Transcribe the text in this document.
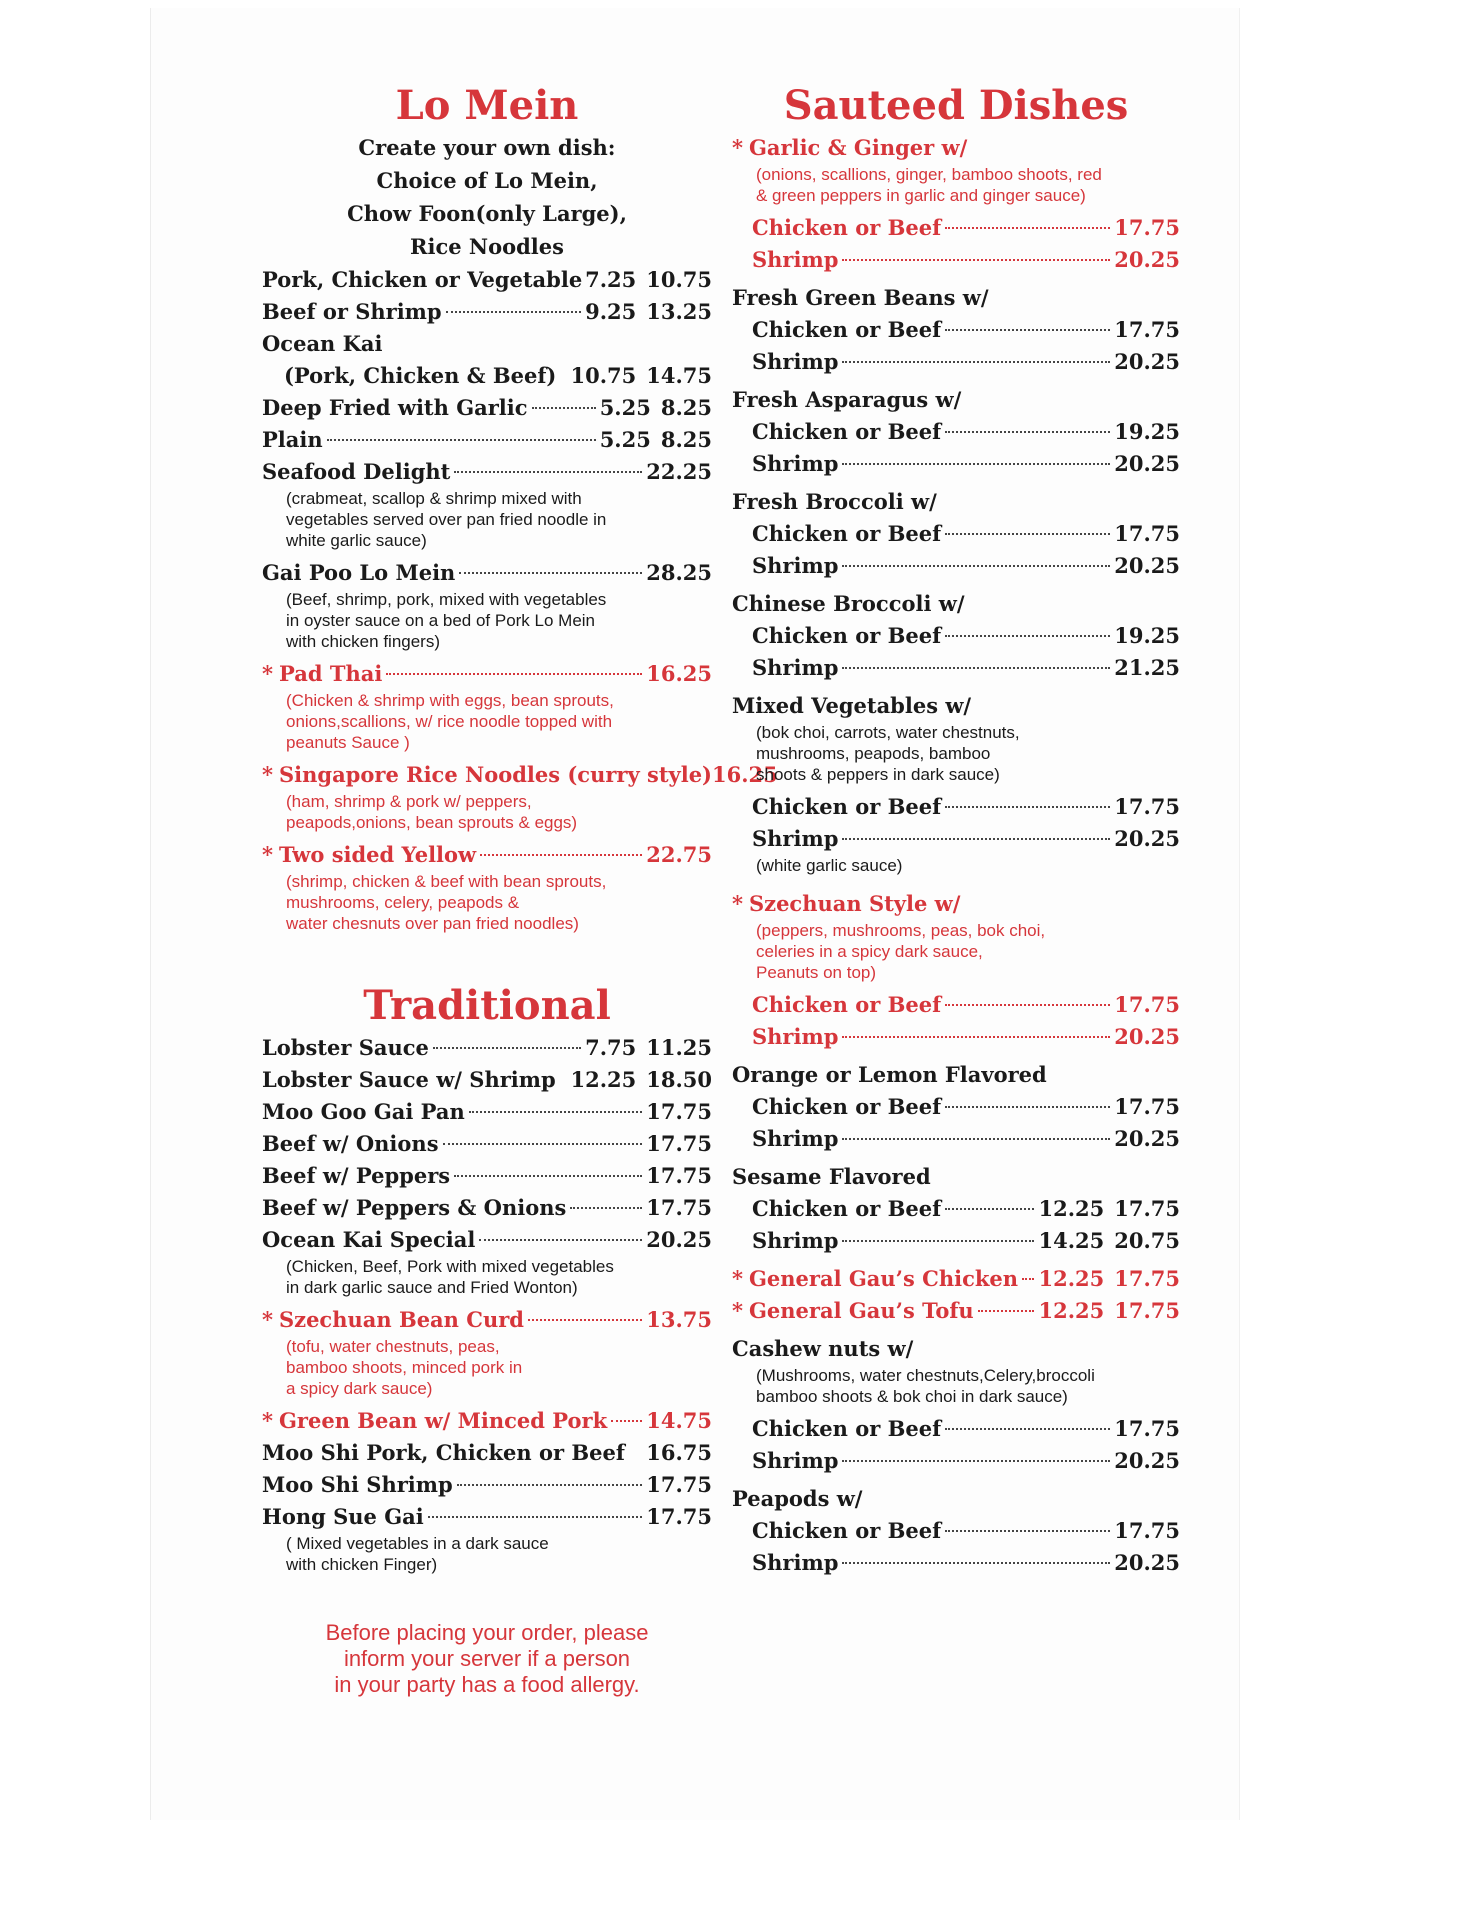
Lo Mein
Create your own dish:
Choice of Lo Mein,
Chow Foon(only Large),
Rice Noodles
Pork, Chicken or Vegetable 7.25 10.75
Beef or Shrimp	9.25 13.25
Ocean Kai
(Pork, Chicken & Beef) 10.75 14.75
Deep Fried with Garlic	5.25 8.25
Plain	5.25 8.25
Seafood Delight	22.25
(crabmeat, scallop & shrimp mixed with
vegetables served over pan fried noodle in
white garlic sauce)
Gai Poo Lo Mein	28.25
(Beef, shrimp, pork, mixed with vegetables
in oyster sauce on a bed of Pork Lo Mein
with chicken fingers)
* Pad Thai	16.25
(Chicken & shrimp with eggs, bean sprouts,
onions,scallions, w/ rice noodle topped with
peanuts Sauce )
* Singapore Rice Noodles (curry style) 16.25
(ham, shrimp & pork w/ peppers,
peapods,onions, bean sprouts & eggs)
* Two sided Yellow	22.75
(shrimp, chicken & beef with bean sprouts,
mushrooms, celery, peapods &
water chesnuts over pan fried noodles)
Traditional
Lobster Sauce	7.75 11.25
Lobster Sauce w/ Shrimp 12.25 18.50
Moo Goo Gai Pan	17.75
Beef w/ Onions	17.75
Beef w/ Peppers	17.75
Beef w/ Peppers & Onions	17.75
Ocean Kai Special	20.25
(Chicken, Beef, Pork with mixed vegetables
in dark garlic sauce and Fried Wonton)
* Szechuan Bean Curd	13.75
(tofu, water chestnuts, peas,
bamboo shoots, minced pork in
a spicy dark sauce)
* Green Bean w/ Minced Pork 14.75
Moo Shi Pork, Chicken or Beef 16.75
Moo Shi Shrimp	17.75
Hong Sue Gai	17.75
( Mixed vegetables in a dark sauce
with chicken Finger)
Before placing your order, please
inform your server if a person
in your party has a food allergy.
Sauteed Dishes
* Garlic & Ginger w/
(onions, scallions, ginger, bamboo shoots, red
& green peppers in garlic and ginger sauce)
Chicken or Beef	17.75
Shrimp	20.25
Fresh Green Beans w/
Chicken or Beef	17.75
Shrimp	20.25
Fresh Asparagus w/
Chicken or Beef	19.25
Shrimp	20.25
Fresh Broccoli w/
Chicken or Beef	17.75
Shrimp	20.25
Chinese Broccoli w/
Chicken or Beef	19.25
Shrimp	21.25
Mixed Vegetables w/
(bok choi, carrots, water chestnuts,
mushrooms, peapods, bamboo
shoots & peppers in dark sauce)
Chicken or Beef	17.75
Shrimp	20.25
(white garlic sauce)
* Szechuan Style w/
(peppers, mushrooms, peas, bok choi,
celeries in a spicy dark sauce,
Peanuts on top)
Chicken or Beef	17.75
Shrimp	20.25
Orange or Lemon Flavored
Chicken or Beef	17.75
Shrimp	20.25
Sesame Flavored
Chicken or Beef	12.25 17.75
Shrimp	14.25 20.75
* General Gau’s Chicken 12.25 17.75
* General Gau’s Tofu	12.25 17.75
Cashew nuts w/
(Mushrooms, water chestnuts,Celery,broccoli
bamboo shoots & bok choi in dark sauce)
Chicken or Beef	17.75
Shrimp	20.25
Peapods w/
Chicken or Beef	17.75
Shrimp	20.25
